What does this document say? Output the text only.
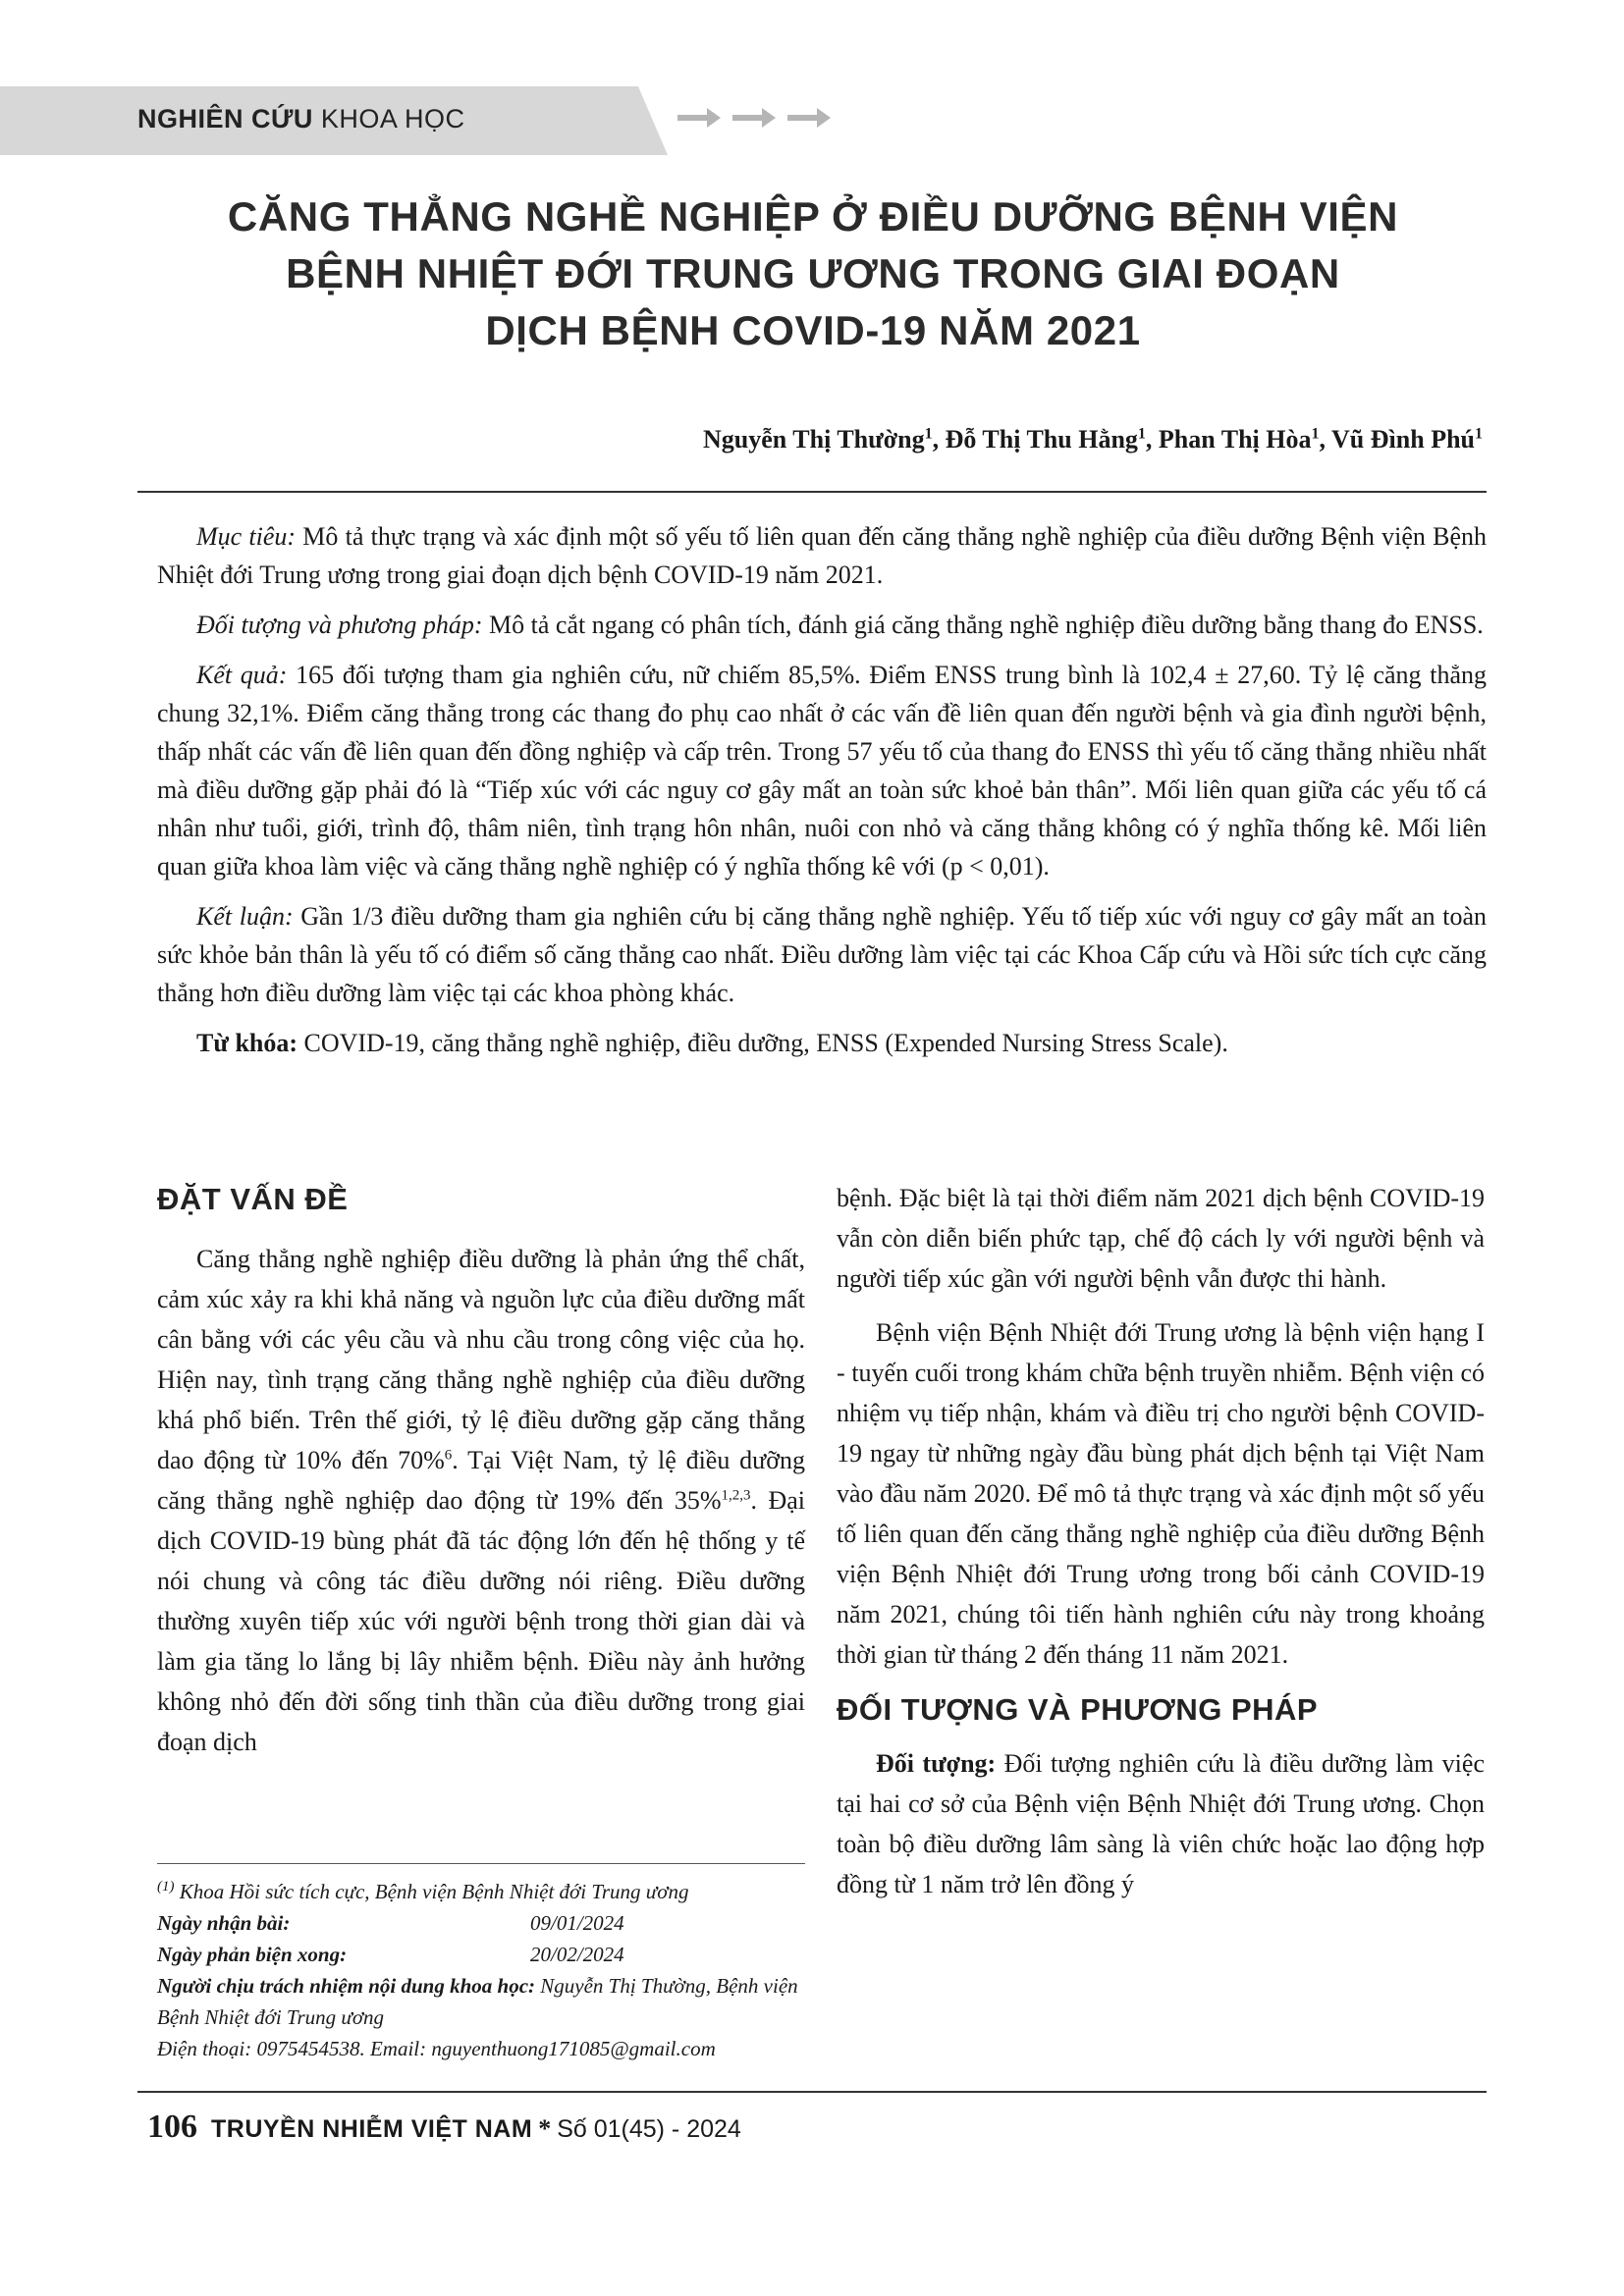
NGHIÊN CỨU KHOA HỌC
CĂNG THẲNG NGHỀ NGHIỆP Ở ĐIỀU DƯỠNG BỆNH VIỆN
BỆNH NHIỆT ĐỚI TRUNG ƯƠNG TRONG GIAI ĐOẠN
DỊCH BỆNH COVID-19 NĂM 2021
Nguyễn Thị Thường$^1$, Đỗ Thị Thu Hằng$^1$, Phan Thị Hòa$^1$, Vũ Đình Phú$^1$

Mục tiêu: Mô tả thực trạng và xác định một số yếu tố liên quan đến căng thẳng nghề nghiệp của điều dưỡng Bệnh viện Bệnh Nhiệt đới Trung ương trong giai đoạn dịch bệnh COVID-19 năm 2021.

Đối tượng và phương pháp: Mô tả cắt ngang có phân tích, đánh giá căng thẳng nghề nghiệp điều dưỡng bằng thang đo ENSS.

Kết quả: 165 đối tượng tham gia nghiên cứu, nữ chiếm 85,5%. Điểm ENSS trung bình là 102,4 ± 27,60. Tỷ lệ căng thẳng chung 32,1%. Điểm căng thẳng trong các thang đo phụ cao nhất ở các vấn đề liên quan đến người bệnh và gia đình người bệnh, thấp nhất các vấn đề liên quan đến đồng nghiệp và cấp trên. Trong 57 yếu tố của thang đo ENSS thì yếu tố căng thẳng nhiều nhất mà điều dưỡng gặp phải đó là “Tiếp xúc với các nguy cơ gây mất an toàn sức khoẻ bản thân”. Mối liên quan giữa các yếu tố cá nhân như tuổi, giới, trình độ, thâm niên, tình trạng hôn nhân, nuôi con nhỏ và căng thẳng không có ý nghĩa thống kê. Mối liên quan giữa khoa làm việc và căng thẳng nghề nghiệp có ý nghĩa thống kê với (p < 0,01).

Kết luận: Gần 1/3 điều dưỡng tham gia nghiên cứu bị căng thẳng nghề nghiệp. Yếu tố tiếp xúc với nguy cơ gây mất an toàn sức khỏe bản thân là yếu tố có điểm số căng thẳng cao nhất. Điều dưỡng làm việc tại các Khoa Cấp cứu và Hồi sức tích cực căng thẳng hơn điều dưỡng làm việc tại các khoa phòng khác.

Từ khóa: COVID-19, căng thẳng nghề nghiệp, điều dưỡng, ENSS (Expended Nursing Stress Scale).

ĐẶT VẤN ĐỀ

Căng thẳng nghề nghiệp điều dưỡng là phản ứng thể chất, cảm xúc xảy ra khi khả năng và nguồn lực của điều dưỡng mất cân bằng với các yêu cầu và nhu cầu trong công việc của họ. Hiện nay, tình trạng căng thẳng nghề nghiệp của điều dưỡng khá phổ biến. Trên thế giới, tỷ lệ điều dưỡng gặp căng thẳng dao động từ 10% đến 70%$^6$. Tại Việt Nam, tỷ lệ điều dưỡng căng thẳng nghề nghiệp dao động từ 19% đến 35%$^{1,2,3}$. Đại dịch COVID-19 bùng phát đã tác động lớn đến hệ thống y tế nói chung và công tác điều dưỡng nói riêng. Điều dưỡng thường xuyên tiếp xúc với người bệnh trong thời gian dài và làm gia tăng lo lắng bị lây nhiễm bệnh. Điều này ảnh hưởng không nhỏ đến đời sống tinh thần của điều dưỡng trong giai đoạn dịch

bệnh. Đặc biệt là tại thời điểm năm 2021 dịch bệnh COVID-19 vẫn còn diễn biến phức tạp, chế độ cách ly với người bệnh và người tiếp xúc gần với người bệnh vẫn được thi hành.

Bệnh viện Bệnh Nhiệt đới Trung ương là bệnh viện hạng I - tuyến cuối trong khám chữa bệnh truyền nhiễm. Bệnh viện có nhiệm vụ tiếp nhận, khám và điều trị cho người bệnh COVID-19 ngay từ những ngày đầu bùng phát dịch bệnh tại Việt Nam vào đầu năm 2020. Để mô tả thực trạng và xác định một số yếu tố liên quan đến căng thẳng nghề nghiệp của điều dưỡng Bệnh viện Bệnh Nhiệt đới Trung ương trong bối cảnh COVID-19 năm 2021, chúng tôi tiến hành nghiên cứu này trong khoảng thời gian từ tháng 2 đến tháng 11 năm 2021.

ĐỐI TƯỢNG VÀ PHƯƠNG PHÁP

Đối tượng: Đối tượng nghiên cứu là điều dưỡng làm việc tại hai cơ sở của Bệnh viện Bệnh Nhiệt đới Trung ương. Chọn toàn bộ điều dưỡng lâm sàng là viên chức hoặc lao động hợp đồng từ 1 năm trở lên đồng ý

$^{(1)}$ Khoa Hồi sức tích cực, Bệnh viện Bệnh Nhiệt đới Trung ương
Ngày nhận bài:	09/01/2024
Ngày phản biện xong:	20/02/2024
Người chịu trách nhiệm nội dung khoa học: Nguyễn Thị Thường, Bệnh viện Bệnh Nhiệt đới Trung ương
Điện thoại: 0975454538. Email: nguyenthuong171085@gmail.com
106 TRUYỀN NHIỄM VIỆT NAM * Số 01(45) - 2024
